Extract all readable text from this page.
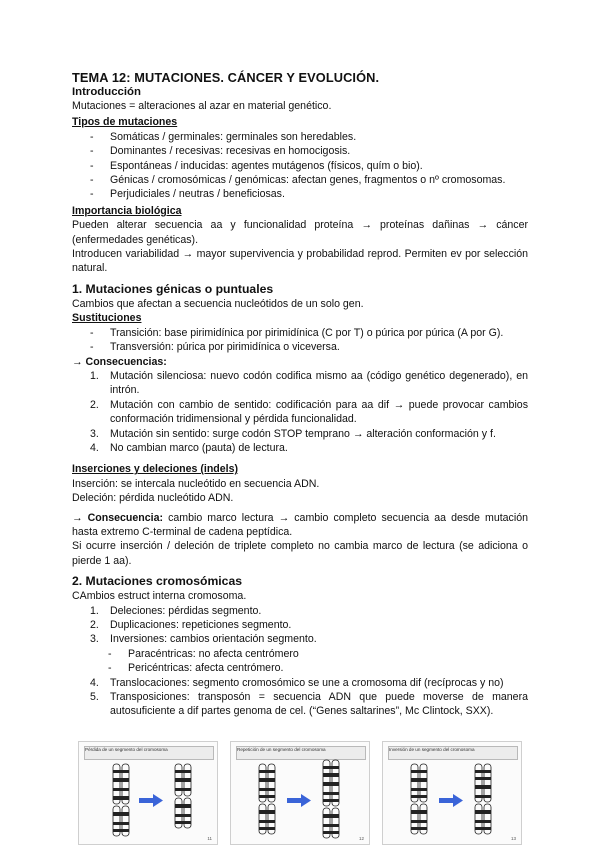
TEMA 12: MUTACIONES. CÁNCER Y EVOLUCIÓN.

Introducción

Mutaciones = alteraciones al azar en material genético.

Tipos de mutaciones

- Somáticas / germinales: germinales son heredables.
- Dominantes / recesivas: recesivas en homocigosis.
- Espontáneas / inducidas: agentes mutágenos (físicos, quím o bio).
- Génicas / cromosómicas / genómicas: afectan genes, fragmentos o nº cromosomas.
- Perjudiciales / neutras / beneficiosas.

Importancia biológica

Pueden alterar secuencia aa y funcionalidad proteína → proteínas dañinas → cáncer (enfermedades genéticas).

Introducen variabilidad → mayor supervivencia y probabilidad reprod. Permiten ev por selección natural.

1. Mutaciones génicas o puntuales

Cambios que afectan a secuencia nucleótidos de un solo gen.

Sustituciones

- Transición: base pirimidínica por pirimidínica (C por T) o púrica por púrica (A por G).
- Transversión: púrica por pirimidínica o viceversa.

→ Consecuencias:

1. Mutación silenciosa: nuevo codón codifica mismo aa (código genético degenerado), en intrón.
2. Mutación con cambio de sentido: codificación para aa dif → puede provocar cambios conformación tridimensional y pérdida funcionalidad.
3. Mutación sin sentido: surge codón STOP temprano → alteración conformación y f.
4. No cambian marco (pauta) de lectura.

Inserciones y deleciones (indels)

Inserción: se intercala nucleótido en secuencia ADN.

Deleción: pérdida nucleótido ADN.

→ Consecuencia: cambio marco lectura → cambio completo secuencia aa desde mutación hasta extremo C-terminal de cadena peptídica.

Si ocurre inserción / deleción de triplete completo no cambia marco de lectura (se adiciona o pierde 1 aa).

2. Mutaciones cromosómicas

CAmbios estruct interna cromosoma.

1. Deleciones: pérdidas segmento.
2. Duplicaciones: repeticiones segmento.
3. Inversiones: cambios orientación segmento.
- Paracéntricas: no afecta centrómero
- Pericéntricas: afecta centrómero.
4. Translocaciones: segmento cromosómico se une a cromosoma dif (recíprocas y no)
5. Transposiciones: transposón = secuencia ADN que puede moverse de manera autosuficiente a dif partes genoma de cel. (“Genes saltarines”, Mc Clintock, SXX).
Pérdida de un segmento del cromosoma
11
Repetición de un segmento del cromosoma
12
Inversión de un segmento del cromosoma
13
